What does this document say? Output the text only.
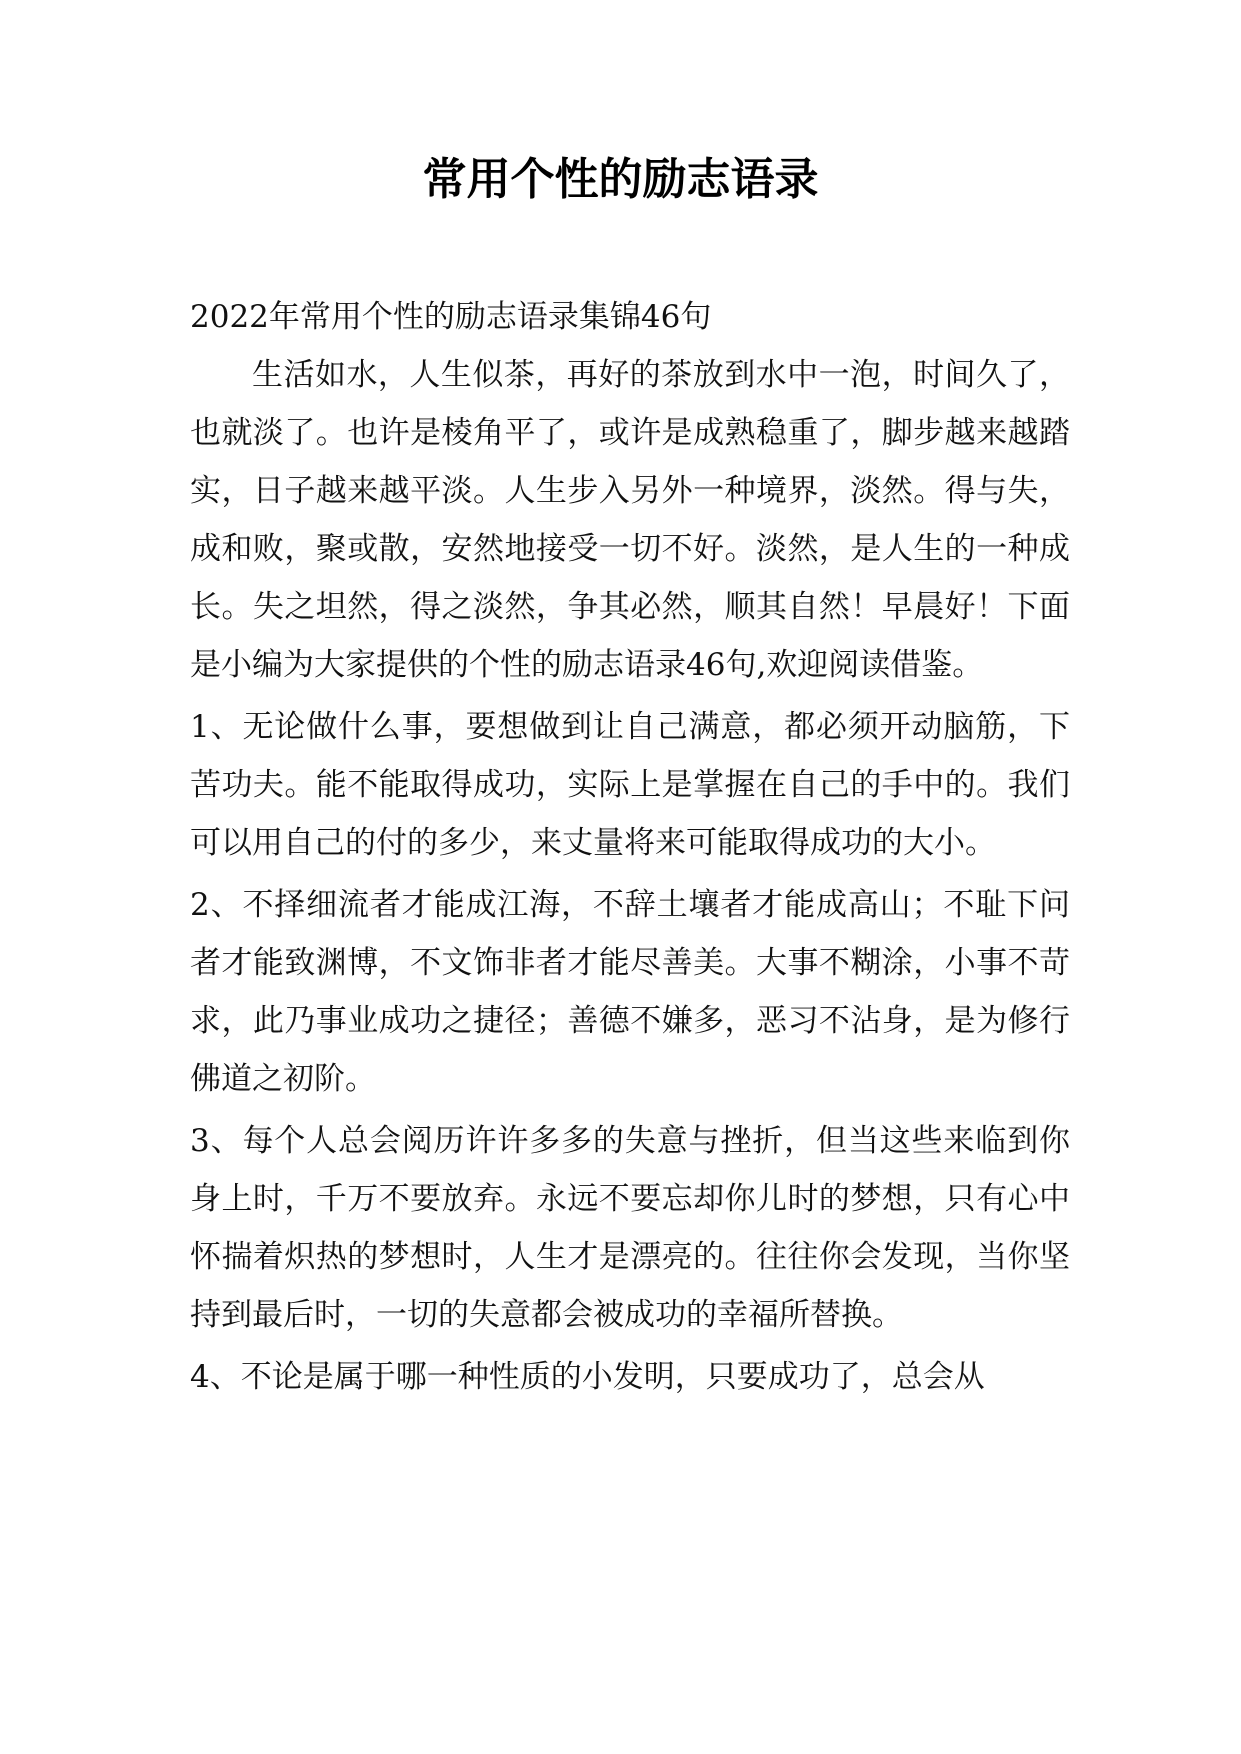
常用个性的励志语录

2022年常用个性的励志语录集锦46句

生活如水，人生似茶，再好的茶放到水中一泡，时间久了，也就淡了。也许是棱角平了，或许是成熟稳重了，脚步越来越踏实，日子越来越平淡。人生步入另外一种境界，淡然。得与失，成和败，聚或散，安然地接受一切不好。淡然，是人生的一种成长。失之坦然，得之淡然，争其必然，顺其自然！早晨好！下面是小编为大家提供的个性的励志语录46句,欢迎阅读借鉴。

1、无论做什么事，要想做到让自己满意，都必须开动脑筋，下苦功夫。能不能取得成功，实际上是掌握在自己的手中的。我们可以用自己的付的多少，来丈量将来可能取得成功的大小。

2、不择细流者才能成江海，不辞土壤者才能成高山；不耻下问者才能致渊博，不文饰非者才能尽善美。大事不糊涂，小事不苛求，此乃事业成功之捷径；善德不嫌多，恶习不沾身，是为修行佛道之初阶。

3、每个人总会阅历许许多多的失意与挫折，但当这些来临到你身上时，千万不要放弃。永远不要忘却你儿时的梦想，只有心中怀揣着炽热的梦想时，人生才是漂亮的。往往你会发现，当你坚持到最后时，一切的失意都会被成功的幸福所替换。

4、不论是属于哪一种性质的小发明，只要成功了，总会从
